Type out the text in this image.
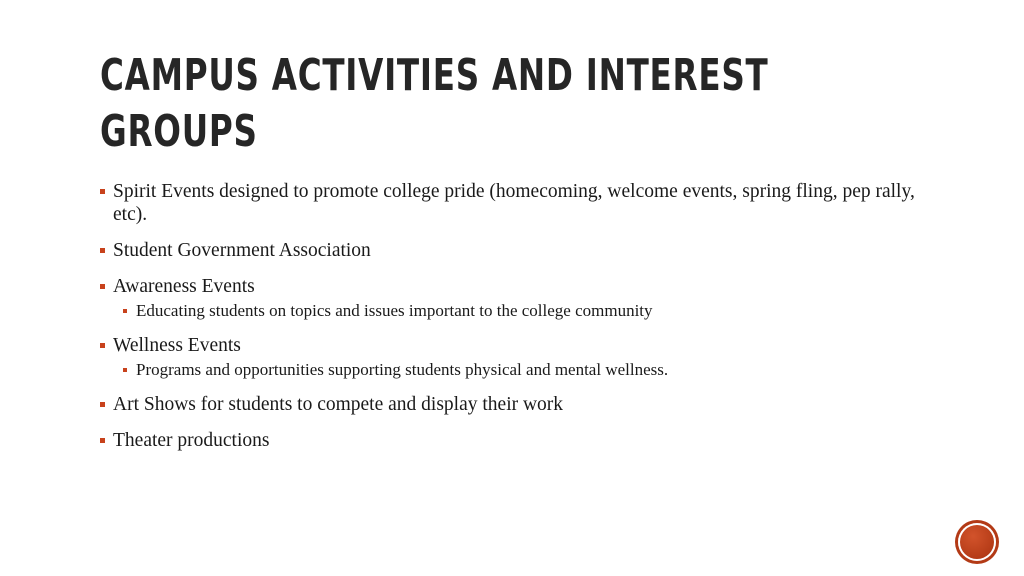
CAMPUS ACTIVITIES AND INTEREST GROUPS
Spirit Events designed to promote college pride (homecoming, welcome events, spring fling, pep rally, etc).
Student Government Association
Awareness Events
Educating students on topics and issues important to the college community
Wellness Events
Programs and opportunities supporting students physical and mental wellness.
Art Shows for students to compete and display their work
Theater productions
